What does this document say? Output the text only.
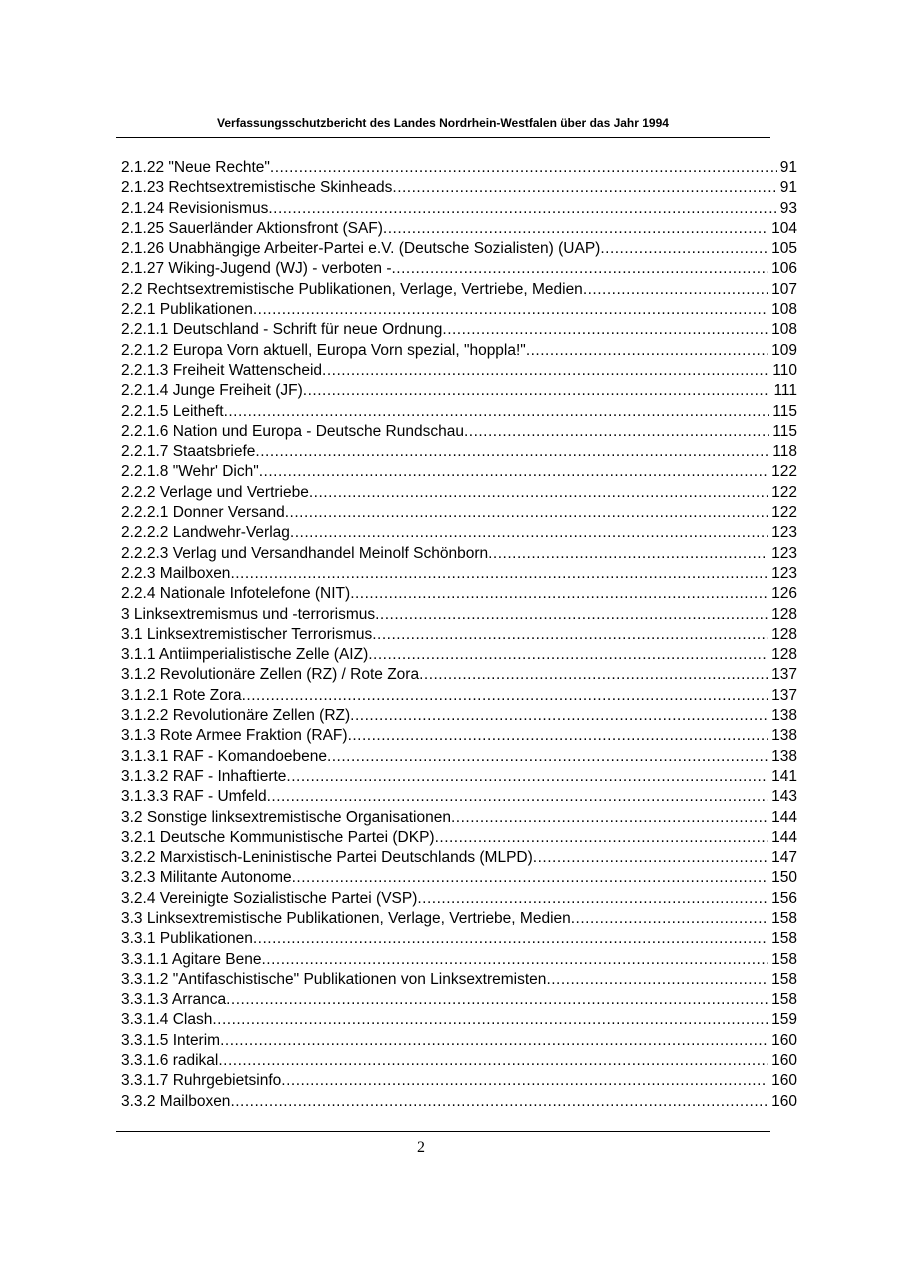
Verfassungsschutzbericht des Landes Nordrhein-Westfalen über das Jahr 1994
2.1.22 "Neue Rechte" .....	91
2.1.23 Rechtsextremistische Skinheads .....	91
2.1.24 Revisionismus .....	93
2.1.25 Sauerländer Aktionsfront (SAF) .....	104
2.1.26 Unabhängige Arbeiter-Partei e.V. (Deutsche Sozialisten) (UAP) .....	105
2.1.27 Wiking-Jugend (WJ) - verboten - .....	106
2.2 Rechtsextremistische Publikationen, Verlage, Vertriebe, Medien .....	107
2.2.1 Publikationen .....	108
2.2.1.1 Deutschland - Schrift für neue Ordnung .....	108
2.2.1.2 Europa Vorn aktuell, Europa Vorn spezial, "hoppla!" .....	109
2.2.1.3 Freiheit Wattenscheid .....	110
2.2.1.4 Junge Freiheit (JF) .....	111
2.2.1.5 Leitheft .....	115
2.2.1.6 Nation und Europa - Deutsche Rundschau .....	115
2.2.1.7 Staatsbriefe .....	118
2.2.1.8 "Wehr' Dich" .....	122
2.2.2 Verlage und Vertriebe .....	122
2.2.2.1 Donner Versand .....	122
2.2.2.2 Landwehr-Verlag .....	123
2.2.2.3 Verlag und Versandhandel Meinolf Schönborn .....	123
2.2.3 Mailboxen .....	123
2.2.4 Nationale Infotelefone (NIT) .....	126
3 Linksextremismus und -terrorismus .....	128
3.1 Linksextremistischer Terrorismus .....	128
3.1.1 Antiimperialistische Zelle (AIZ) .....	128
3.1.2 Revolutionäre Zellen (RZ) / Rote Zora .....	137
3.1.2.1 Rote Zora .....	137
3.1.2.2 Revolutionäre Zellen (RZ) .....	138
3.1.3 Rote Armee Fraktion (RAF) .....	138
3.1.3.1 RAF - Komandoebene .....	138
3.1.3.2 RAF - Inhaftierte .....	141
3.1.3.3 RAF - Umfeld .....	143
3.2 Sonstige linksextremistische Organisationen .....	144
3.2.1 Deutsche Kommunistische Partei (DKP) .....	144
3.2.2 Marxistisch-Leninistische Partei Deutschlands (MLPD) .....	147
3.2.3 Militante Autonome .....	150
3.2.4 Vereinigte Sozialistische Partei (VSP) .....	156
3.3 Linksextremistische Publikationen, Verlage, Vertriebe, Medien .....	158
3.3.1 Publikationen .....	158
3.3.1.1 Agitare Bene .....	158
3.3.1.2 "Antifaschistische" Publikationen von Linksextremisten .....	158
3.3.1.3 Arranca .....	158
3.3.1.4 Clash .....	159
3.3.1.5 Interim .....	160
3.3.1.6 radikal .....	160
3.3.1.7 Ruhrgebietsinfo .....	160
3.3.2 Mailboxen .....	160
2
